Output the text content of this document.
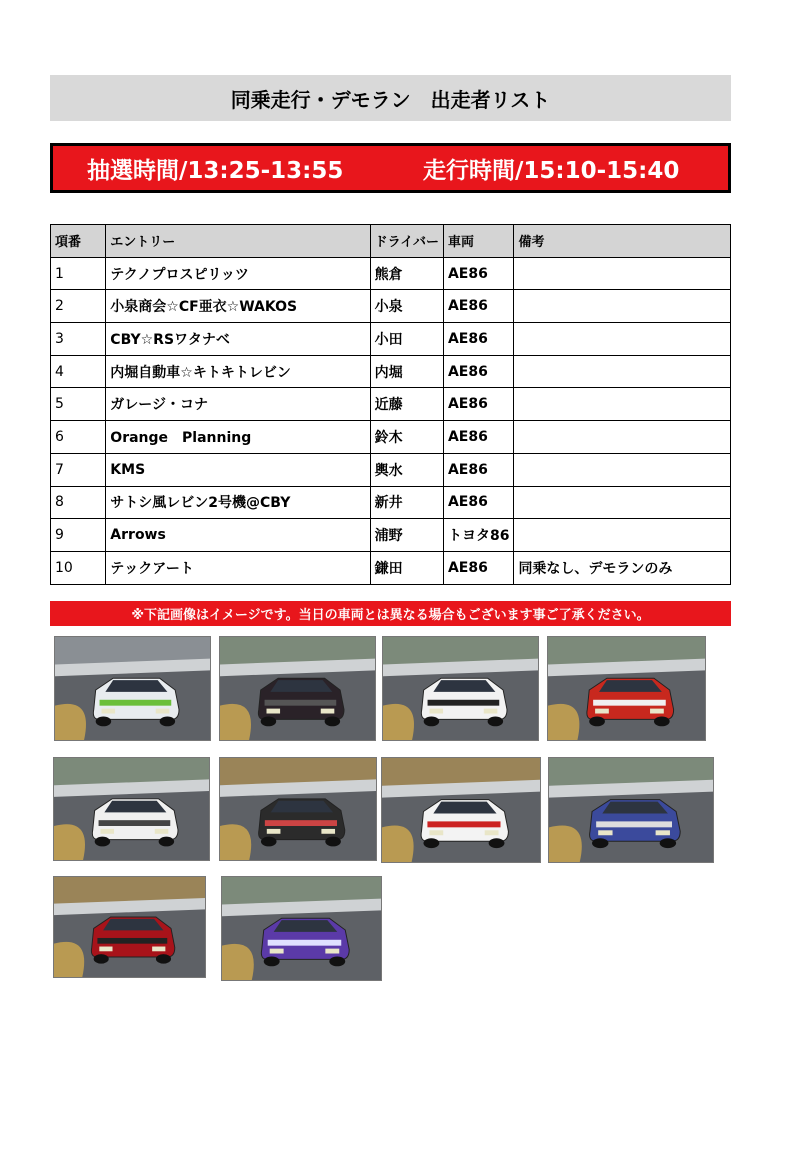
同乗走行・デモラン　出走者リスト
抽選時間/13:25-13:55	走行時間/15:10-15:40
項番	エントリー	ドライバー	車両	備考
1	テクノプロスピリッツ	熊倉	AE86	
2	小泉商会☆CF亜衣☆WAKOS	小泉	AE86	
3	CBY☆RSワタナベ	小田	AE86	
4	内堀自動車☆キトキトレビン	内堀	AE86	
5	ガレージ・コナ	近藤	AE86	
6	Orange　Planning	鈴木	AE86	
7	KMS	輿水	AE86	
8	サトシ風レビン2号機@CBY	新井	AE86	
9	Arrows	浦野	トヨタ86	
10	テックアート	鎌田	AE86	同乗なし、デモランのみ
※下記画像はイメージです。当日の車両とは異なる場合もございます事ご了承ください。
